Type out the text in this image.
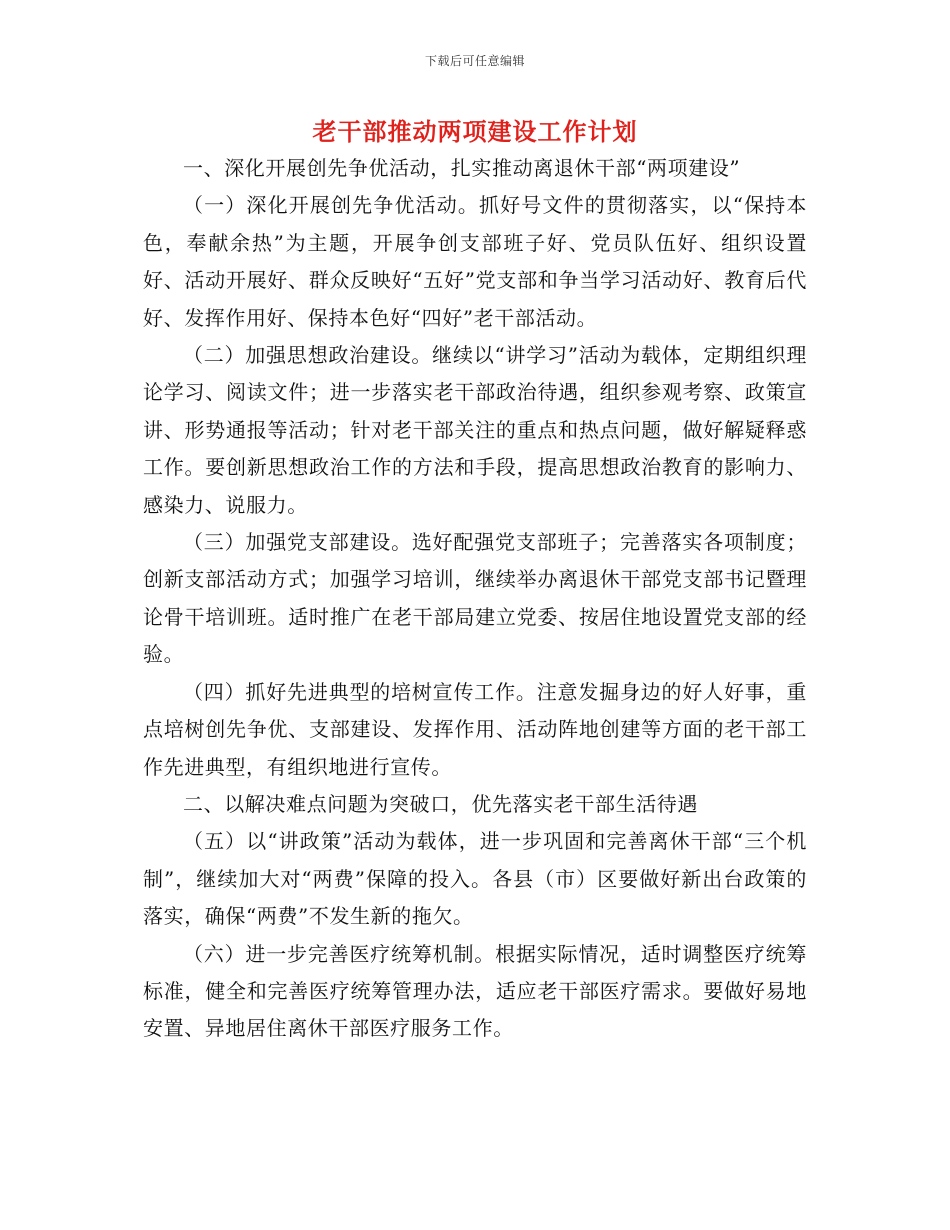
下载后可任意编辑
老干部推动两项建设工作计划

一、深化开展创先争优活动，扎实推动离退休干部“两项建设”

（一）深化开展创先争优活动。抓好号文件的贯彻落实，以“保持本色，奉献余热”为主题，开展争创支部班子好、党员队伍好、组织设置好、活动开展好、群众反映好“五好”党支部和争当学习活动好、教育后代好、发挥作用好、保持本色好“四好”老干部活动。

（二）加强思想政治建设。继续以“讲学习”活动为载体，定期组织理论学习、阅读文件；进一步落实老干部政治待遇，组织参观考察、政策宣讲、形势通报等活动；针对老干部关注的重点和热点问题，做好解疑释惑工作。要创新思想政治工作的方法和手段，提高思想政治教育的影响力、感染力、说服力。

（三）加强党支部建设。选好配强党支部班子；完善落实各项制度；创新支部活动方式；加强学习培训，继续举办离退休干部党支部书记暨理论骨干培训班。适时推广在老干部局建立党委、按居住地设置党支部的经验。

（四）抓好先进典型的培树宣传工作。注意发掘身边的好人好事，重点培树创先争优、支部建设、发挥作用、活动阵地创建等方面的老干部工作先进典型，有组织地进行宣传。

二、以解决难点问题为突破口，优先落实老干部生活待遇

（五）以“讲政策”活动为载体，进一步巩固和完善离休干部“三个机制”，继续加大对“两费”保障的投入。各县（市）区要做好新出台政策的落实，确保“两费”不发生新的拖欠。

（六）进一步完善医疗统筹机制。根据实际情况，适时调整医疗统筹标准，健全和完善医疗统筹管理办法，适应老干部医疗需求。要做好易地安置、异地居住离休干部医疗服务工作。
